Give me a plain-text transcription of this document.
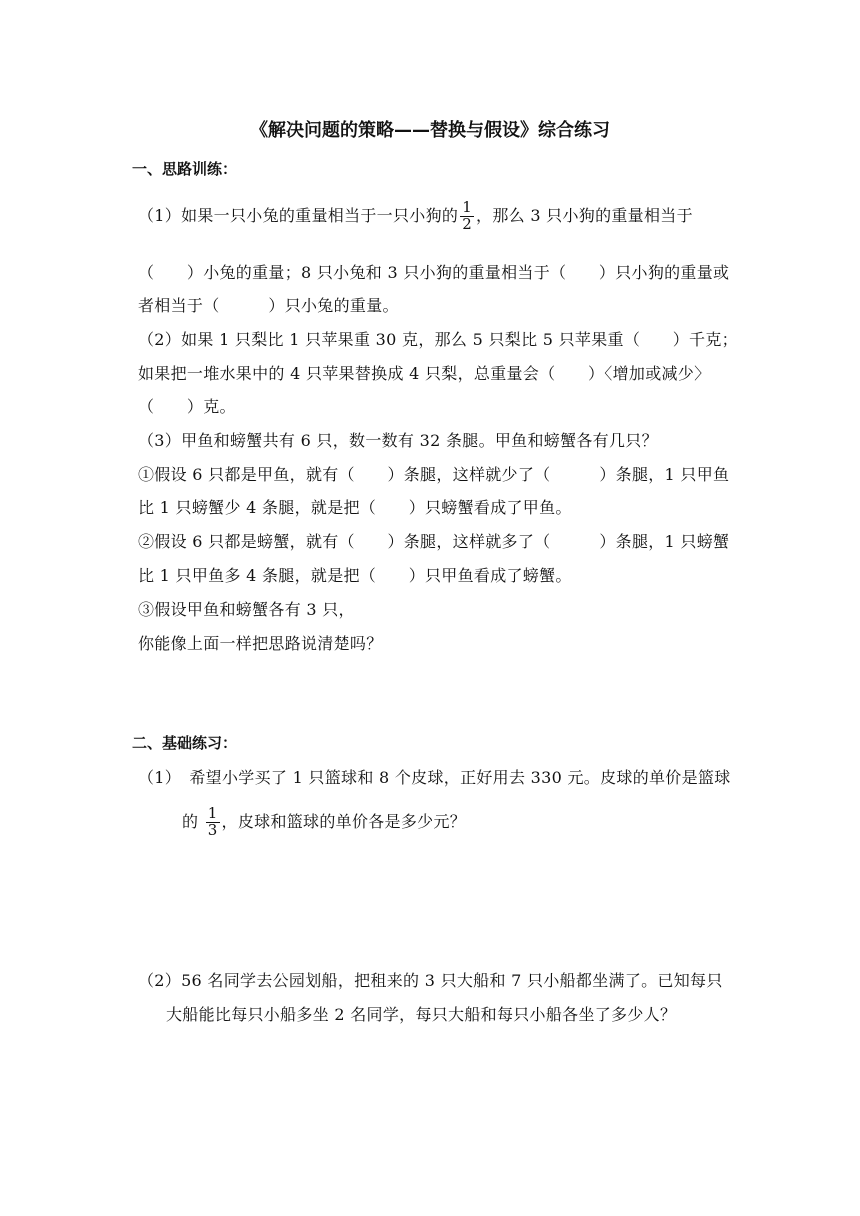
《解决问题的策略——替换与假设》综合练习
一、思路训练：
（1）如果一只小兔的重量相当于一只小狗的 $\frac{1}{2}$ ，那么 3 只小狗的重量相当于
（　　）小兔的重量；8 只小兔和 3 只小狗的重量相当于（　　）只小狗的重量或
者相当于（　　　）只小兔的重量。
（2）如果 1 只梨比 1 只苹果重 30 克，那么 5 只梨比 5 只苹果重（　　）千克；
如果把一堆水果中的 4 只苹果替换成 4 只梨，总重量会（　　）〈增加或减少〉
（　　）克。
（3）甲鱼和螃蟹共有 6 只，数一数有 32 条腿。甲鱼和螃蟹各有几只？
①假设 6 只都是甲鱼，就有（　　）条腿，这样就少了（　　　）条腿，1 只甲鱼
比 1 只螃蟹少 4 条腿，就是把（　　）只螃蟹看成了甲鱼。
②假设 6 只都是螃蟹，就有（　　）条腿，这样就多了（　　　）条腿，1 只螃蟹
比 1 只甲鱼多 4 条腿，就是把（　　）只甲鱼看成了螃蟹。
③假设甲鱼和螃蟹各有 3 只，
你能像上面一样把思路说清楚吗？
二、基础练习：
（1）　希望小学买了 1 只篮球和 8 个皮球，正好用去 330 元。皮球的单价是篮球
的 $\frac{1}{3}$ ，皮球和篮球的单价各是多少元？
（2）56 名同学去公园划船，把租来的 3 只大船和 7 只小船都坐满了。已知每只
大船能比每只小船多坐 2 名同学，每只大船和每只小船各坐了多少人？
